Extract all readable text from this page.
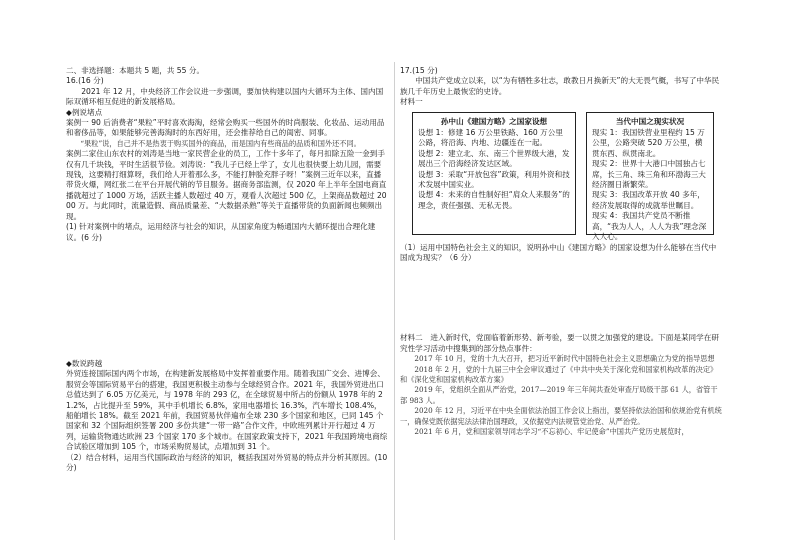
二、非选择题：本题共 5 题，共 55 分。

16.(16 分)

2021 年 12 月，中央经济工作会议进一步强调，要加快构建以国内大循环为主体、国内国际双循环相互促进的新发展格局。

◆例说堵点

案例一 90 后消费者“果粒”平时喜欢海淘，经常会购买一些国外的时尚服装、化妆品、运动用品和奢侈品等，如果能够完善海淘时的东西好用，还会推荐给自己的闺密、同事。

“果粒”说，自己并不是热衷于购买国外的商品，而是国内有些商品的品质和国外还不同。

案例二家住山东农村的刘涛是当地一家民营企业的员工，工作十多年了，每月扣除五险一金到手仅有几千块钱，平时生活很节俭。刘涛说：“我儿子已经上学了，女儿也很快要上幼儿园，需要现钱，这要精打细算呀，我们给人开着那么多，不能打肿脸充胖子呀！”案例三近年以来，直播带货火爆，网红张二在平台开展代销的节目服务。据商务部监测，仅 2020 年上半年全国电商直播就超过了 1000 万场，活跃主播人数超过 40 万，观看人次超过 500 亿，上架商品数超过 2000 万。与此同时，流量造假、商品质量差、“大数据杀熟”等关于直播带货的负面新闻也频频出现。

(1) 针对案例中的堵点，运用经济与社会的知识，从国家角度为畅通国内大循环提出合理化建议。(6 分)

◆数说跨越

外贸连接国际国内两个市场，在构建新发展格局中发挥着重要作用。随着我国广交会、进博会、服贸会等国际贸易平台的搭建，我国更积极主动参与全球经贸合作。2021 年，我国外贸进出口总值达到了 6.05 万亿美元，与 1978 年的 293 亿，在全球贸易中所占的份额从 1978 年的 21.2%，占比提升至 59%，其中手机增长 6.8%，家用电器增长 16.3%，汽车增长 108.4%，船舶增长 18%。截至 2021 年前，我国贸易伙伴遍布全球 230 多个国家和地区，已同 145 个国家和 32 个国际组织签署 200 多份共建“一带一路”合作文件，中欧班列累计开行超过 4 万列，运输货物通达欧洲 23 个国家 170 多个城市。在国家政策支持下，2021 年我国跨境电商综合试验区增加到 105 个，市场采购贸易试，点增加到 31 个。

（2）结合材料，运用当代国际政治与经济的知识，概括我国对外贸易的特点并分析其原因。(10 分)

17.(15 分)

中国共产党成立以来，以“为有牺牲多壮志，敢教日月换新天”的大无畏气概，书写了中华民族几千年历史上最恢宏的史诗。

材料一

孙中山《建国方略》之国家设想
设想 1：修建 16 万公里铁路、160 万公里公路，将沿海、内地、边疆连在一起。
设想 2：建立北、东、南三个世界级大港，发展出三个沿海经济发达区域。
设想 3：采取“开放包容”政策，利用外资和技术发展中国实业。
设想 4：未来的自性制好担“肩众人来服务”的理念，责任强强、无私无畏。
当代中国之现实状况
现实 1：我国铁营业里程约 15 万公里，公路突破 520 万公里，横贯东西、纵贯南北。
现实 2：世界十大港口中国独占七席，长三角、珠三角和环渤海三大经济圈日渐繁荣。
现实 3：我国改革开放 40 多年，经济发展取得的成就举世瞩目。
现实 4：我国共产党员不断推高，“我为人人，人人为我”理念深入人心。

（1）运用中国特色社会主义的知识，说明孙中山《建国方略》的国家设想为什么能够在当代中国成为现实？（6 分）

材料二　进入新时代，党面临着新形势、新考验，要一以贯之加强党的建设。下面是某同学在研究性学习活动中搜集到的部分热点事件：

2017 年 10 月，党的十九大召开，把习近平新时代中国特色社会主义思想确立为党的指导思想

2018 年 2 月，党的十九届三中全会审议通过了《中共中央关于深化党和国家机构改革的决定》和《深化党和国家机构改革方案》

2019 年，党组织全面从严治党，2017—2019 年三年间共查处审查厅局级干部 61 人，省管干部 983 人。

2020 年 12 月，习近平在中央全面依法治国工作会议上指出，要坚持依法治国和依规治党有机统一，确保党既依据宪法法律治国理政，又依据党内法规管党治党、从严治党。

2021 年 6 月，党和国家领导同志学习“不忘初心、牢记使命”中国共产党历史展览时，
